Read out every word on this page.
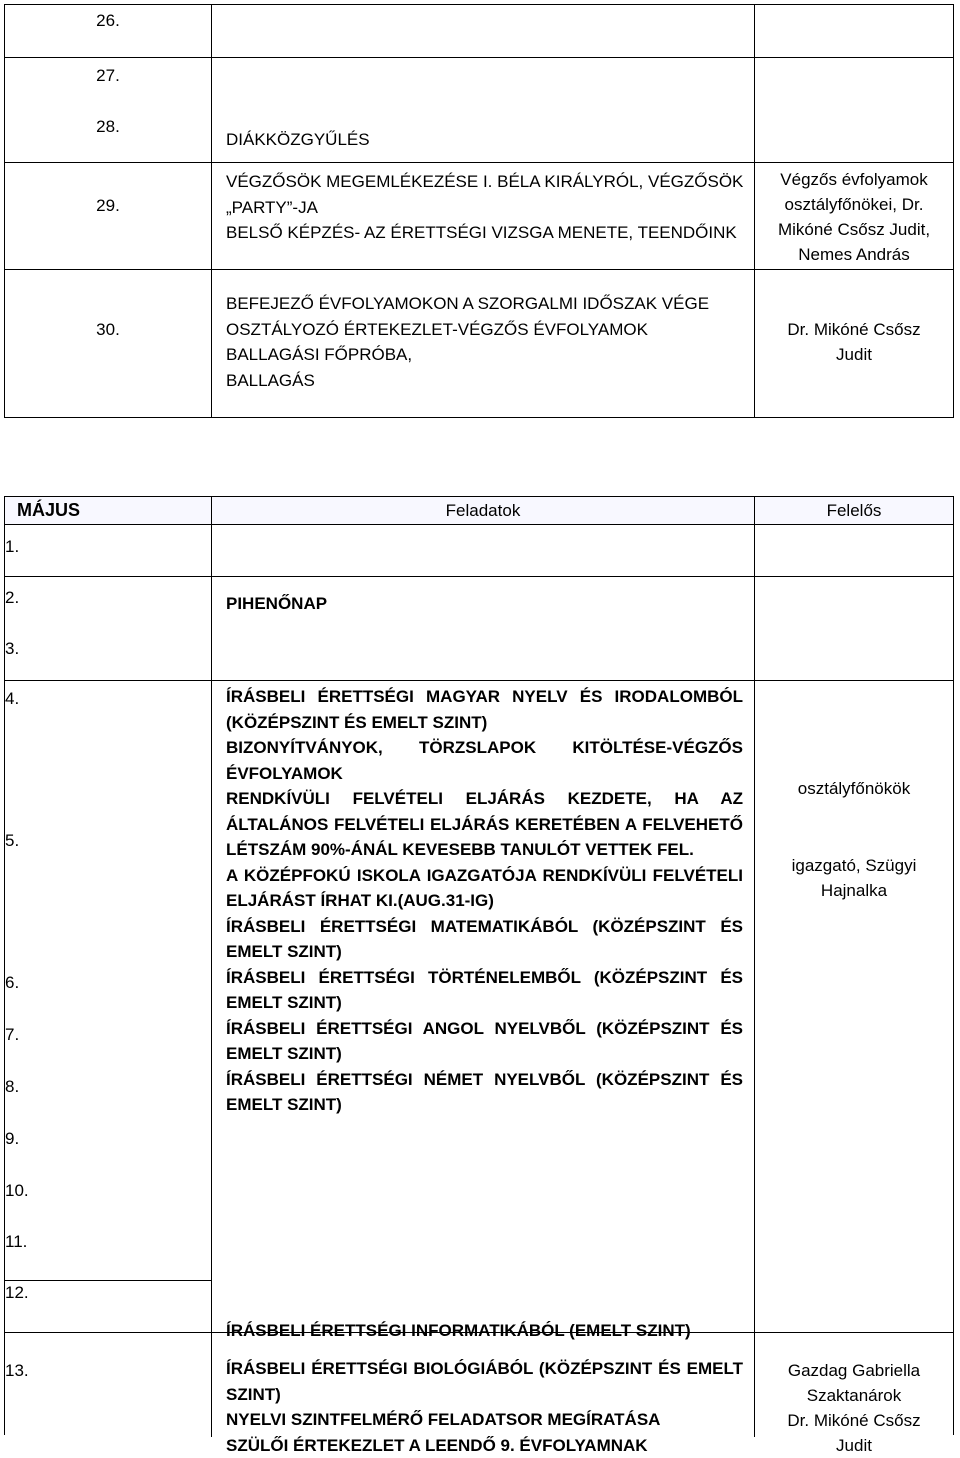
26.
27.
28.
DIÁKKÖZGYŰLÉS
29.
VÉGZŐSÖK MEGEMLÉKEZÉSE I. BÉLA KIRÁLYRÓL, VÉGZŐSÖK
„PARTY”-JA
BELSŐ KÉPZÉS- AZ ÉRETTSÉGI VIZSGA MENETE, TEENDŐINK
Végzős évfolyamok
osztályfőnökei, Dr.
Mikóné Csősz Judit,
Nemes András
30.
BEFEJEZŐ ÉVFOLYAMOKON A SZORGALMI IDŐSZAK VÉGE
OSZTÁLYOZÓ ÉRTEKEZLET-VÉGZŐS ÉVFOLYAMOK
BALLAGÁSI FŐPRÓBA,
BALLAGÁS
Dr. Mikóné Csősz
Judit
MÁJUS	Feladatok	Felelős
1.
2.
3.
4.
5.
6.
7.
8.
9.
10.
11.
12.
13.
PIHENŐNAP
ÍRÁSBELI ÉRETTSÉGI MAGYAR NYELV ÉS IRODALOMBÓL
(KÖZÉPSZINT ÉS EMELT SZINT)
BIZONYÍTVÁNYOK, TÖRZSLAPOK KITÖLTÉSE-VÉGZŐS
ÉVFOLYAMOK
RENDKÍVÜLI FELVÉTELI ELJÁRÁS KEZDETE, HA AZ
ÁLTALÁNOS FELVÉTELI ELJÁRÁS KERETÉBEN A FELVEHETŐ
LÉTSZÁM 90%-ÁNÁL KEVESEBB TANULÓT VETTEK FEL.
A KÖZÉPFOKÚ ISKOLA IGAZGATÓJA RENDKÍVÜLI FELVÉTELI
ELJÁRÁST ÍRHAT KI.(AUG.31-IG)
ÍRÁSBELI ÉRETTSÉGI MATEMATIKÁBÓL (KÖZÉPSZINT ÉS
EMELT SZINT)
ÍRÁSBELI ÉRETTSÉGI TÖRTÉNELEMBŐL (KÖZÉPSZINT ÉS
EMELT SZINT)
ÍRÁSBELI ÉRETTSÉGI ANGOL NYELVBŐL (KÖZÉPSZINT ÉS
EMELT SZINT)
ÍRÁSBELI ÉRETTSÉGI NÉMET NYELVBŐL (KÖZÉPSZINT ÉS
EMELT SZINT)
ÍRÁSBELI ÉRETTSÉGI INFORMATIKÁBÓL (EMELT SZINT)
ÍRÁSBELI ÉRETTSÉGI BIOLÓGIÁBÓL (KÖZÉPSZINT ÉS EMELT
SZINT)
NYELVI SZINTFELMÉRŐ FELADATSOR MEGÍRATÁSA
SZÜLŐI ÉRTEKEZLET A LEENDŐ 9. ÉVFOLYAMNAK
osztályfőnökök
igazgató, Szügyi
Hajnalka
Gazdag Gabriella
Szaktanárok
Dr. Mikóné Csősz
Judit
